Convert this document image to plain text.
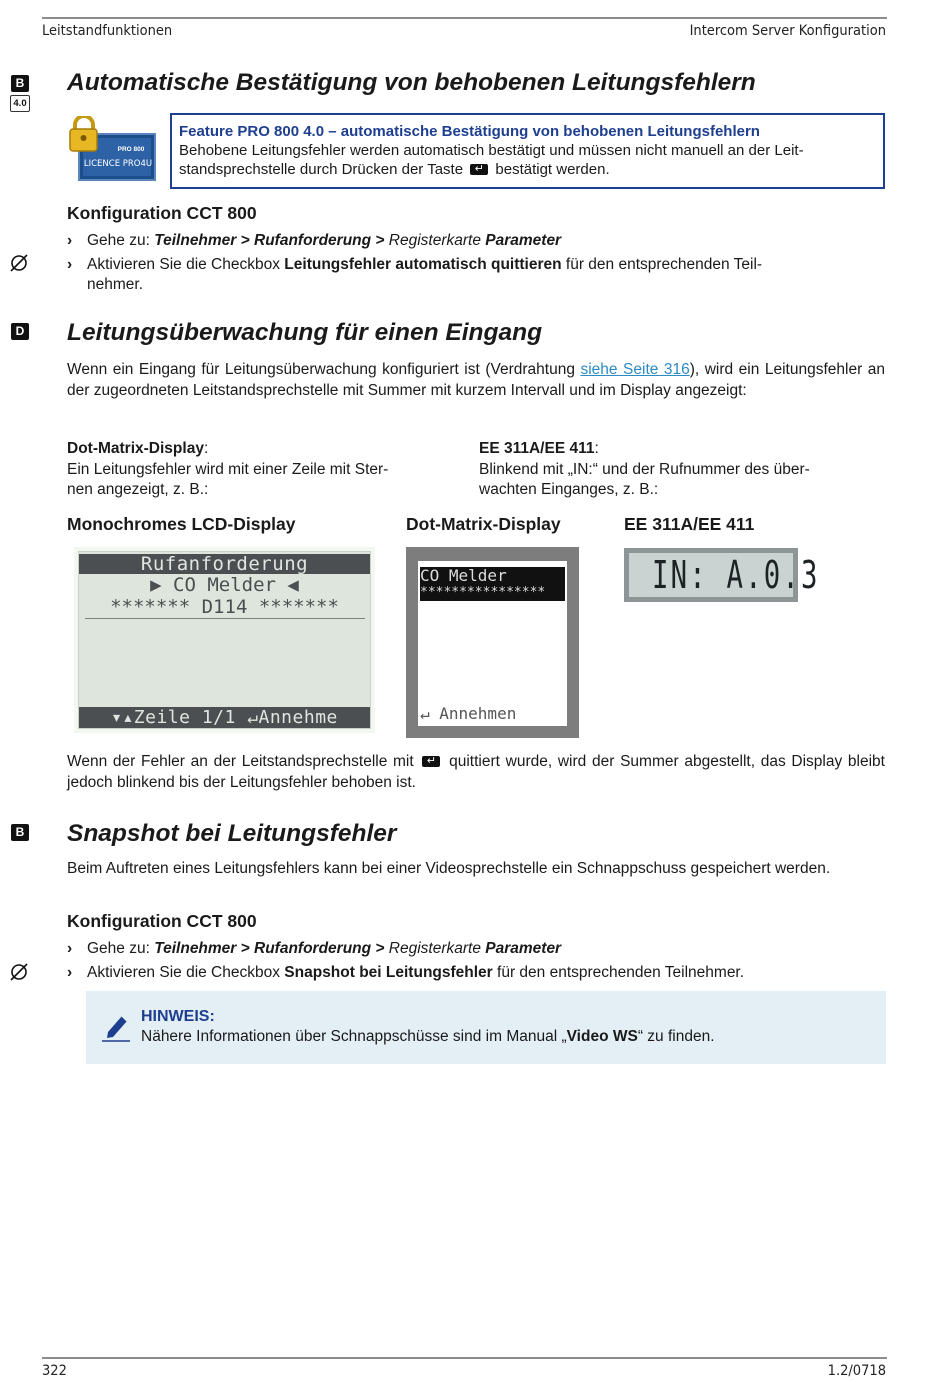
Leitstandfunktionen	Intercom Server Konfiguration
B
4.0
D
B
Automatische Bestätigung von behobenen Leitungsfehlern
PRO 800
LICENCE PRO4U
Feature PRO 800 4.0 – automatische Bestätigung von behobenen Leitungsfehlern
Behobene Leitungsfehler werden automatisch bestätigt und müssen nicht manuell an der Leit-
standsprechstelle durch Drücken der Taste ↵ bestätigt werden.
Konfiguration CCT 800
› Gehe zu: Teilnehmer > Rufanforderung > Registerkarte Parameter
› Aktivieren Sie die Checkbox Leitungsfehler automatisch quittieren für den entsprechenden Teil-
nehmer.
Leitungsüberwachung für einen Eingang
Wenn ein Eingang für Leitungsüberwachung konfiguriert ist (Verdrahtung siehe Seite 316), wird ein Leitungsfehler an der zugeordneten Leitstandsprechstelle mit Summer mit kurzem Intervall und im Display angezeigt:
Dot-Matrix-Display:
Ein Leitungsfehler wird mit einer Zeile mit Ster-
nen angezeigt, z. B.:
EE 311A/EE 411:
Blinkend mit „IN:“ und der Rufnummer des über-
wachten Einganges, z. B.:
Monochromes LCD-Display	Dot-Matrix-Display	EE 311A/EE 411
Rufanforderung
▶ CO Melder ◀
******* D114 *******
▾▴Zeile 1/1 ↵Annehme
CO Melder
****************
↵ Annehmen
IN: A.0.3
Wenn der Fehler an der Leitstandsprechstelle mit ↵ quittiert wurde, wird der Summer abgestellt, das Display bleibt jedoch blinkend bis der Leitungsfehler behoben ist.
Snapshot bei Leitungsfehler
Beim Auftreten eines Leitungsfehlers kann bei einer Videosprechstelle ein Schnappschuss gespeichert werden.
Konfiguration CCT 800
› Gehe zu: Teilnehmer > Rufanforderung > Registerkarte Parameter
› Aktivieren Sie die Checkbox Snapshot bei Leitungsfehler für den entsprechenden Teilnehmer.
HINWEIS:
Nähere Informationen über Schnappschüsse sind im Manual „Video WS“ zu finden.
322	1.2/0718
